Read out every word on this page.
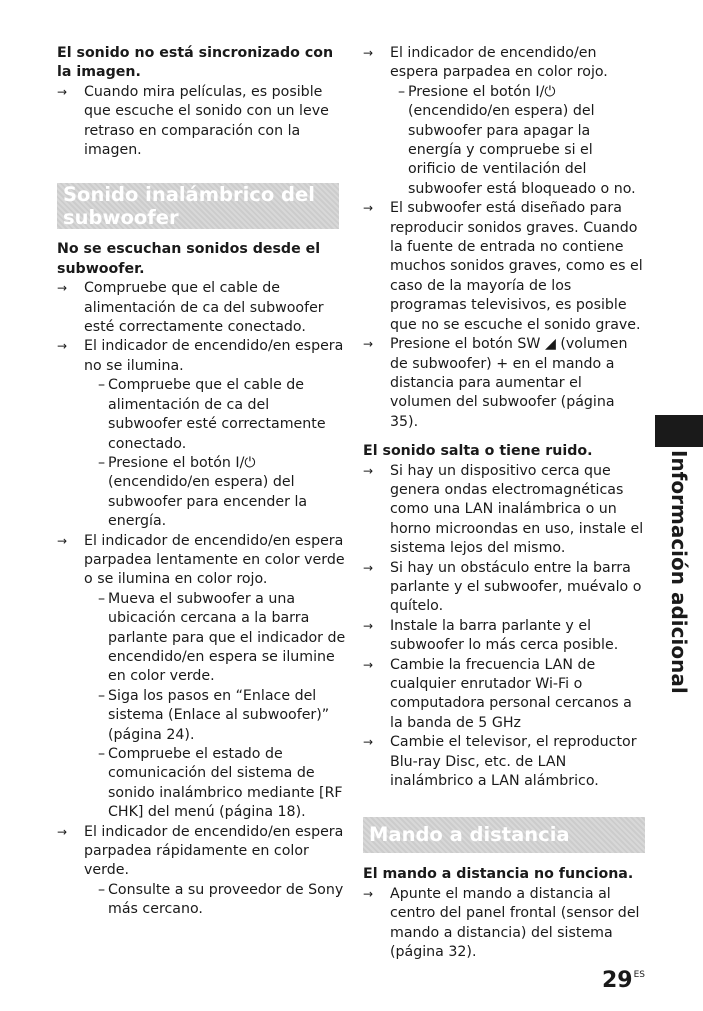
El sonido no está sincronizado con la imagen.

→ Cuando mira películas, es posible que escuche el sonido con un leve retraso en comparación con la imagen.

Sonido inalámbrico del subwoofer

No se escuchan sonidos desde el subwoofer.

→ Compruebe que el cable de alimentación de ca del subwoofer esté correctamente conectado.

→ El indicador de encendido/en espera no se ilumina.

– Compruebe que el cable de alimentación de ca del subwoofer esté correctamente conectado.

– Presione el botón I/⏻ (encendido/en espera) del subwoofer para encender la energía.

→ El indicador de encendido/en espera parpadea lentamente en color verde o se ilumina en color rojo.

– Mueva el subwoofer a una ubicación cercana a la barra parlante para que el indicador de encendido/en espera se ilumine en color verde.

– Siga los pasos en “Enlace del sistema (Enlace al subwoofer)” (página 24).

– Compruebe el estado de comunicación del sistema de sonido inalámbrico mediante [RF CHK] del menú (página 18).

→ El indicador de encendido/en espera parpadea rápidamente en color verde.

– Consulte a su proveedor de Sony más cercano.

→ El indicador de encendido/en espera parpadea en color rojo.

– Presione el botón I/⏻ (encendido/en espera) del subwoofer para apagar la energía y compruebe si el orificio de ventilación del subwoofer está bloqueado o no.

→ El subwoofer está diseñado para reproducir sonidos graves. Cuando la fuente de entrada no contiene muchos sonidos graves, como es el caso de la mayoría de los programas televisivos, es posible que no se escuche el sonido grave.

→ Presione el botón SW ◢ (volumen de subwoofer) + en el mando a distancia para aumentar el volumen del subwoofer (página 35).

El sonido salta o tiene ruido.

→ Si hay un dispositivo cerca que genera ondas electromagnéticas como una LAN inalámbrica o un horno microondas en uso, instale el sistema lejos del mismo.

→ Si hay un obstáculo entre la barra parlante y el subwoofer, muévalo o quítelo.

→ Instale la barra parlante y el subwoofer lo más cerca posible.

→ Cambie la frecuencia LAN de cualquier enrutador Wi-Fi o computadora personal cercanos a la banda de 5 GHz

→ Cambie el televisor, el reproductor Blu-ray Disc, etc. de LAN inalámbrico a LAN alámbrico.

Mando a distancia

El mando a distancia no funciona.

→ Apunte el mando a distancia al centro del panel frontal (sensor del mando a distancia) del sistema (página 32).

Información adicional
$29^{ES}$
